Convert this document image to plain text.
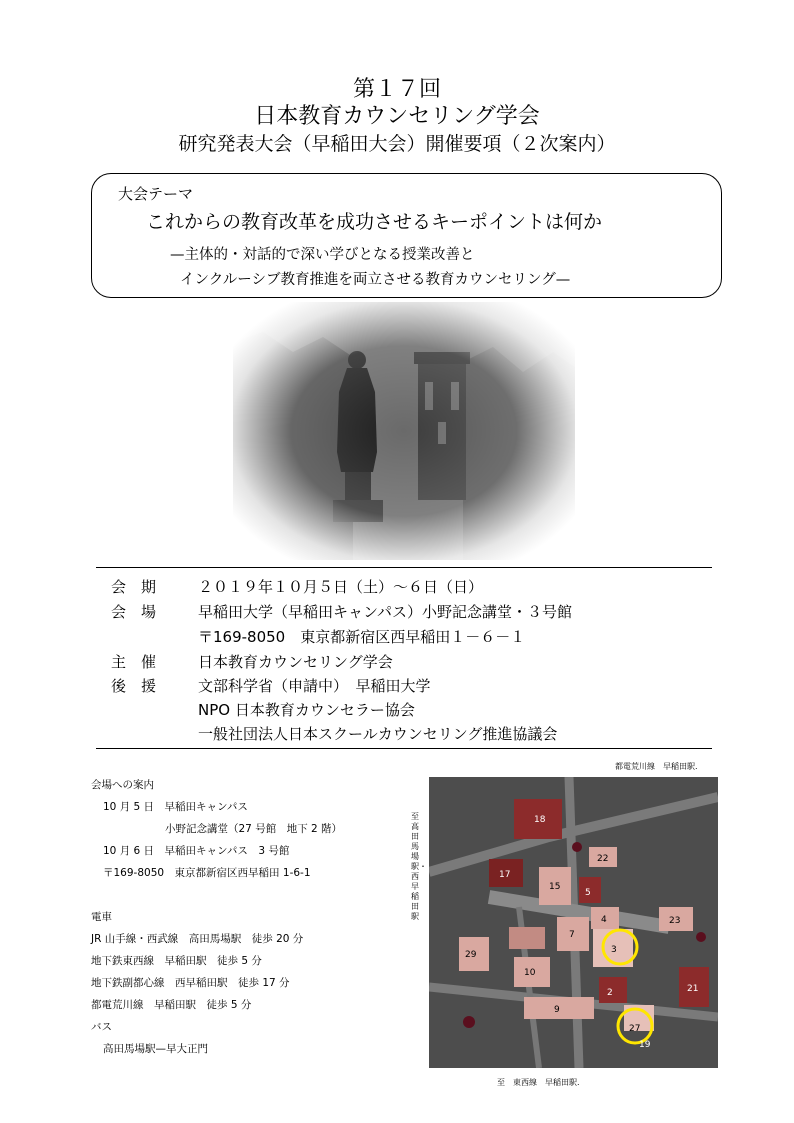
第１７回
日本教育カウンセリング学会
研究発表大会（早稲田大会）開催要項（２次案内）
大会テーマ
これからの教育改革を成功させるキーポイントは何か
—主体的・対話的で深い学びとなる授業改善と
インクルーシブ教育推進を両立させる教育カウンセリング—
会　期	２０１９年１０月５日（土）～６日（日）
会　場	早稲田大学（早稲田キャンパス）小野記念講堂・３号館
〒169-8050　東京都新宿区西早稲田１－６－１
主　催	日本教育カウンセリング学会
後　援	文部科学省（申請中）　早稲田大学
NPO 日本教育カウンセラー協会
一般社団法人日本スクールカウンセリング推進協議会
会場への案内
10 月 5 日　早稲田キャンパス
小野記念講堂（27 号館　地下 2 階）
10 月 6 日　早稲田キャンパス　3 号館
〒169-8050　東京都新宿区西早稲田 1-6-1
電車
JR 山手線・西武線　高田馬場駅　徒歩 20 分
地下鉄東西線　早稲田駅　徒歩 5 分
地下鉄副都心線　西早稲田駅　徒歩 17 分
都電荒川線　早稲田駅　徒歩 5 分
バス
高田馬場駅—早大正門
都電荒川線　早稲田駅.
至高田馬場駅・西早稲田駅
18
22
17
15
5
4
3
7
29
10
2	21
9
27
23
19
至　東西線　早稲田駅.
